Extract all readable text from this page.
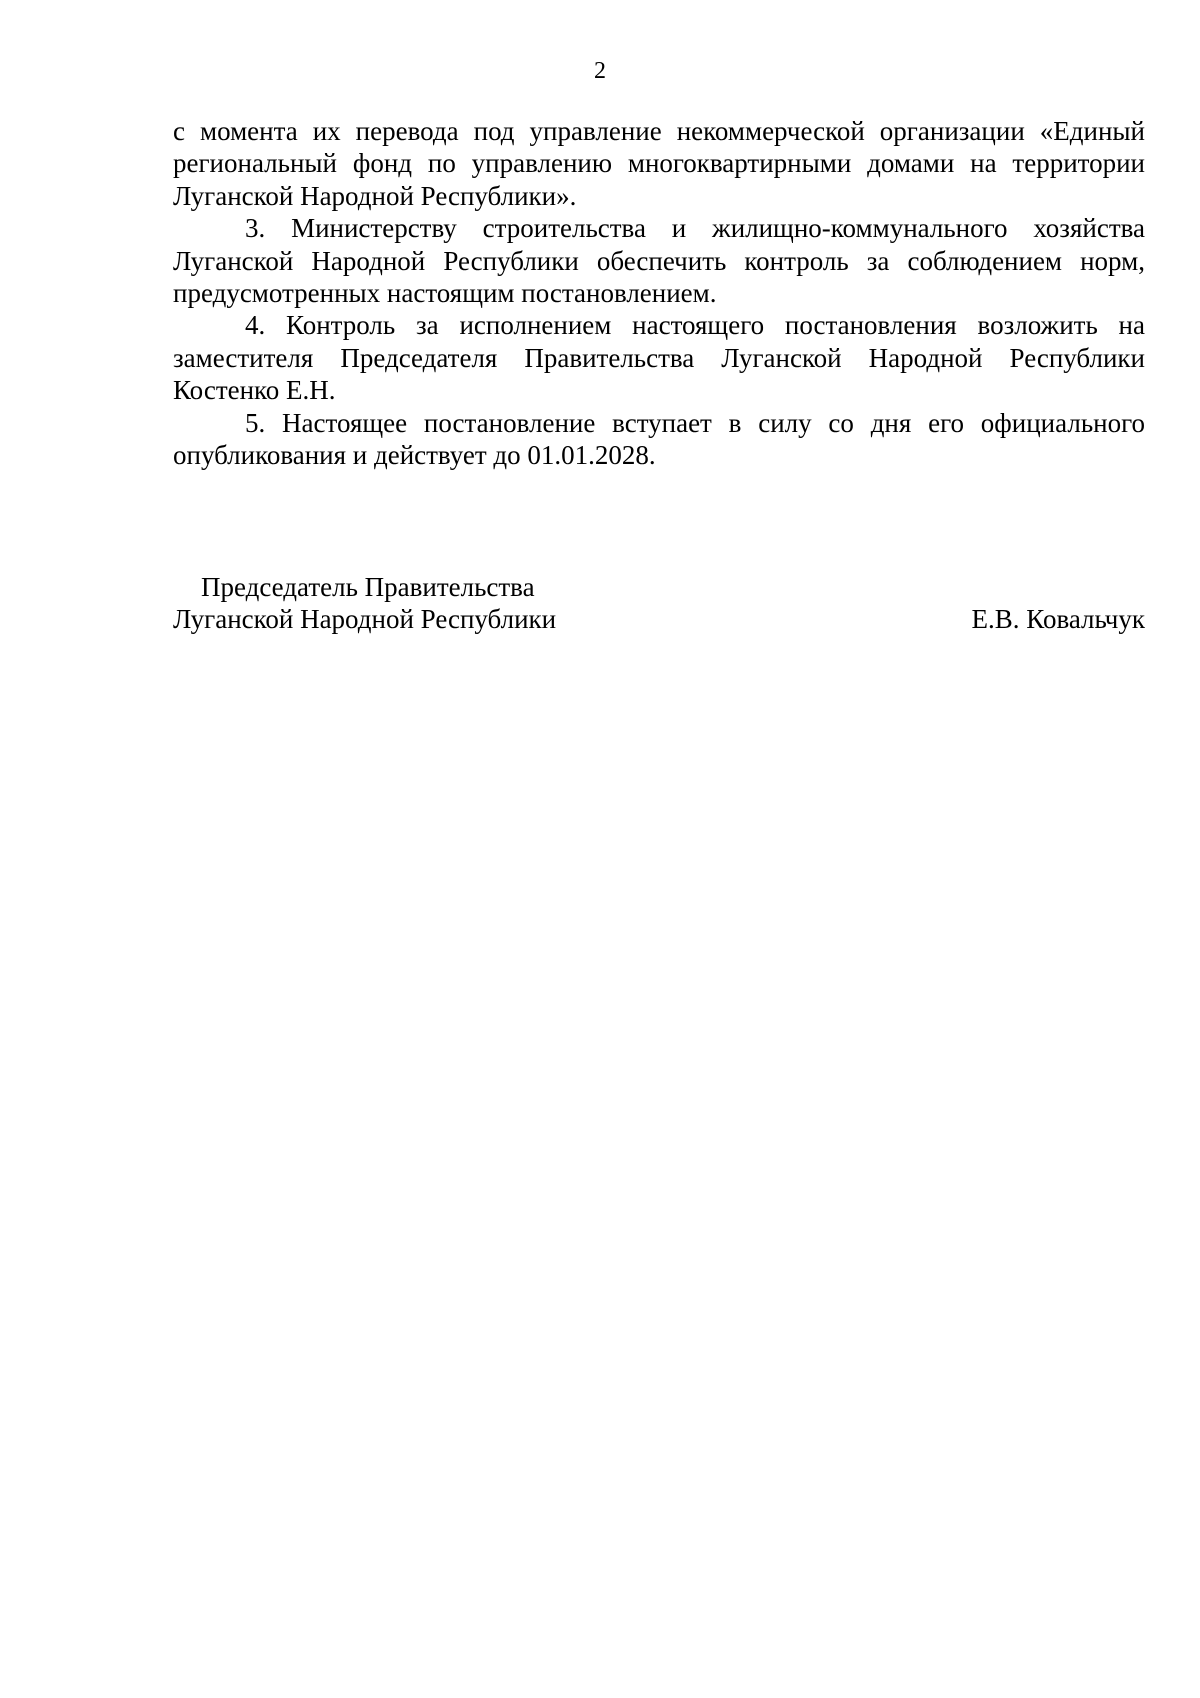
2

с момента их перевода под управление некоммерческой организации «Единый региональный фонд по управлению многоквартирными домами на территории Луганской Народной Республики».

3. Министерству строительства и жилищно-коммунального хозяйства Луганской Народной Республики обеспечить контроль за соблюдением норм, предусмотренных настоящим постановлением.

4. Контроль за исполнением настоящего постановления возложить на заместителя Председателя Правительства Луганской Народной Республики Костенко Е.Н.

5. Настоящее постановление вступает в силу со дня его официального опубликования и действует до 01.01.2028.

Председатель Правительства
Луганской Народной Республики	Е.В. Ковальчук
